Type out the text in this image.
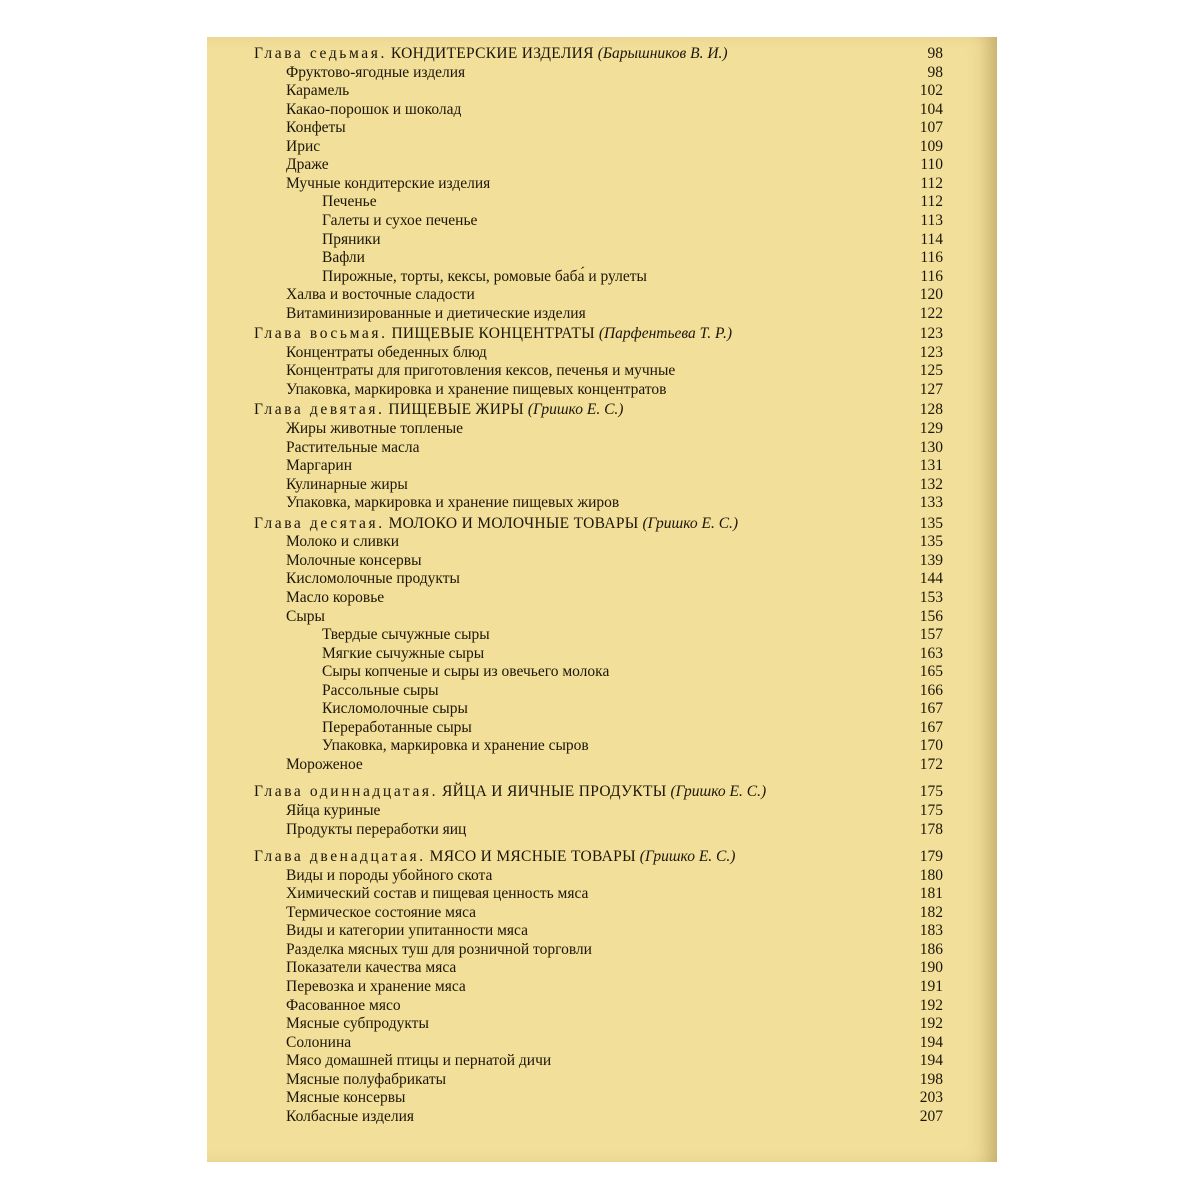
Глава седьмая. КОНДИТЕРСКИЕ ИЗДЕЛИЯ (Барышников В. И.)	98
Фруктово-ягодные изделия	98
Карамель	102
Какао-порошок и шоколад	104
Конфеты	107
Ирис	109
Драже	110
Мучные кондитерские изделия	112
Печенье	112
Галеты и сухое печенье	113
Пряники	114
Вафли	116
Пирожные, торты, кексы, ромовые баба́ и рулеты	116
Халва и восточные сладости	120
Витаминизированные и диетические изделия	122
Глава восьмая. ПИЩЕВЫЕ КОНЦЕНТРАТЫ (Парфентьева Т. Р.)	123
Концентраты обеденных блюд	123
Концентраты для приготовления кексов, печенья и мучные	125
Упаковка, маркировка и хранение пищевых концентратов	127
Глава девятая. ПИЩЕВЫЕ ЖИРЫ (Гришко Е. С.)	128
Жиры животные топленые	129
Растительные масла	130
Маргарин	131
Кулинарные жиры	132
Упаковка, маркировка и хранение пищевых жиров	133
Глава десятая. МОЛОКО И МОЛОЧНЫЕ ТОВАРЫ (Гришко Е. С.)	135
Молоко и сливки	135
Молочные консервы	139
Кисломолочные продукты	144
Масло коровье	153
Сыры	156
Твердые сычужные сыры	157
Мягкие сычужные сыры	163
Сыры копченые и сыры из овечьего молока	165
Рассольные сыры	166
Кисломолочные сыры	167
Переработанные сыры	167
Упаковка, маркировка и хранение сыров	170
Мороженое	172
Глава одиннадцатая. ЯЙЦА И ЯИЧНЫЕ ПРОДУКТЫ (Гришко Е. С.)	175
Яйца куриные	175
Продукты переработки яиц	178
Глава двенадцатая. МЯСО И МЯСНЫЕ ТОВАРЫ (Гришко Е. С.)	179
Виды и породы убойного скота	180
Химический состав и пищевая ценность мяса	181
Термическое состояние мяса	182
Виды и категории упитанности мяса	183
Разделка мясных туш для розничной торговли	186
Показатели качества мяса	190
Перевозка и хранение мяса	191
Фасованное мясо	192
Мясные субпродукты	192
Солонина	194
Мясо домашней птицы и пернатой дичи	194
Мясные полуфабрикаты	198
Мясные консервы	203
Колбасные изделия	207
